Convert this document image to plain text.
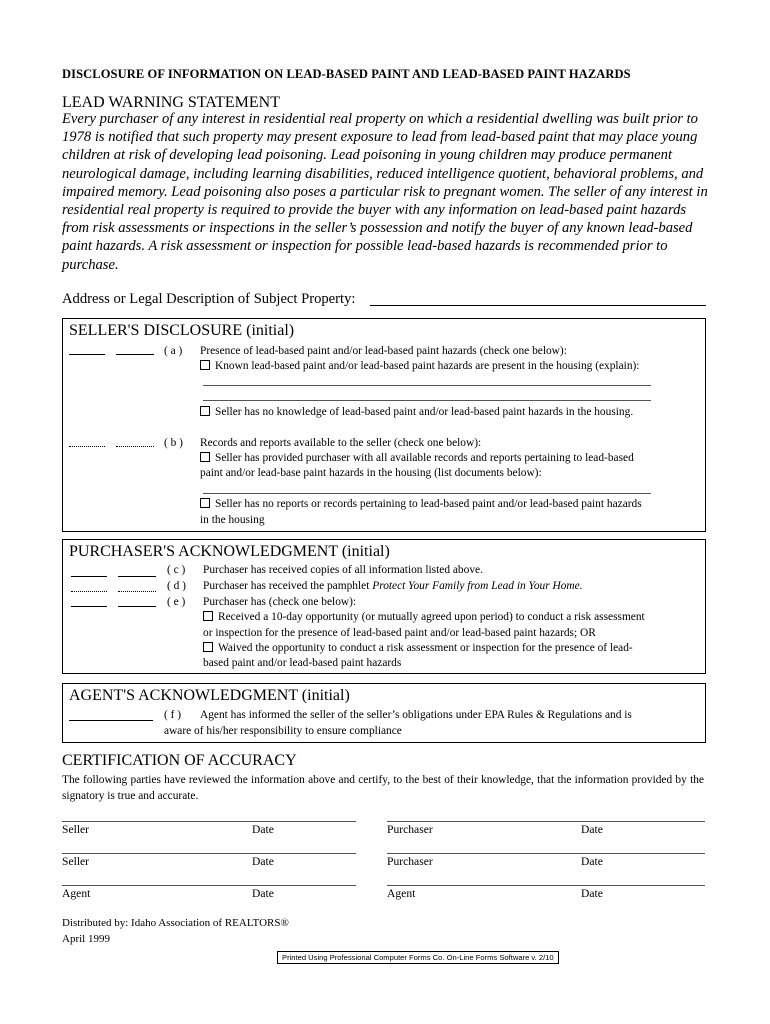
DISCLOSURE OF INFORMATION ON LEAD-BASED PAINT AND LEAD-BASED PAINT HAZARDS
LEAD WARNING STATEMENT
Every purchaser of any interest in residential real property on which a residential dwelling was built prior to 1978 is notified that such property may present exposure to lead from lead-based paint that may place young children at risk of developing lead poisoning. Lead poisoning in young children may produce permanent neurological damage, including learning disabilities, reduced intelligence quotient, behavioral problems, and impaired memory. Lead poisoning also poses a particular risk to pregnant women. The seller of any interest in residential real property is required to provide the buyer with any information on lead-based paint hazards from risk assessments or inspections in the seller’s possession and notify the buyer of any known lead-based paint hazards. A risk assessment or inspection for possible lead-based hazards is recommended prior to purchase.
Address or Legal Description of Subject Property:
SELLER'S DISCLOSURE (initial)
( a ) Presence of lead-based paint and/or lead-based paint hazards (check one below):
Known lead-based paint and/or lead-based paint hazards are present in the housing (explain):
Seller has no knowledge of lead-based paint and/or lead-based paint hazards in the housing.
( b ) Records and reports available to the seller (check one below):
Seller has provided purchaser with all available records and reports pertaining to lead-based
paint and/or lead-base paint hazards in the housing (list documents below):
Seller has no reports or records pertaining to lead-based paint and/or lead-based paint hazards
in the housing
PURCHASER'S ACKNOWLEDGMENT (initial)
( c ) Purchaser has received copies of all information listed above.
( d ) Purchaser has received the pamphlet Protect Your Family from Lead in Your Home.
( e ) Purchaser has (check one below):
Received a 10-day opportunity (or mutually agreed upon period) to conduct a risk assessment
or inspection for the presence of lead-based paint and/or lead-based paint hazards; OR
Waived the opportunity to conduct a risk assessment or inspection for the presence of lead-
based paint and/or lead-based paint hazards
AGENT'S ACKNOWLEDGMENT (initial)
( f ) Agent has informed the seller of the seller’s obligations under EPA Rules & Regulations and is
aware of his/her responsibility to ensure compliance
CERTIFICATION OF ACCURACY
The following parties have reviewed the information above and certify, to the best of their knowledge, that the information provided by the signatory is true and accurate.
Seller	Date	Purchaser	Date
Seller	Date	Purchaser	Date
Agent	Date	Agent	Date
Distributed by: Idaho Association of REALTORS®
April 1999
Printed Using Professional Computer Forms Co. On-Line Forms Software v. 2/10
